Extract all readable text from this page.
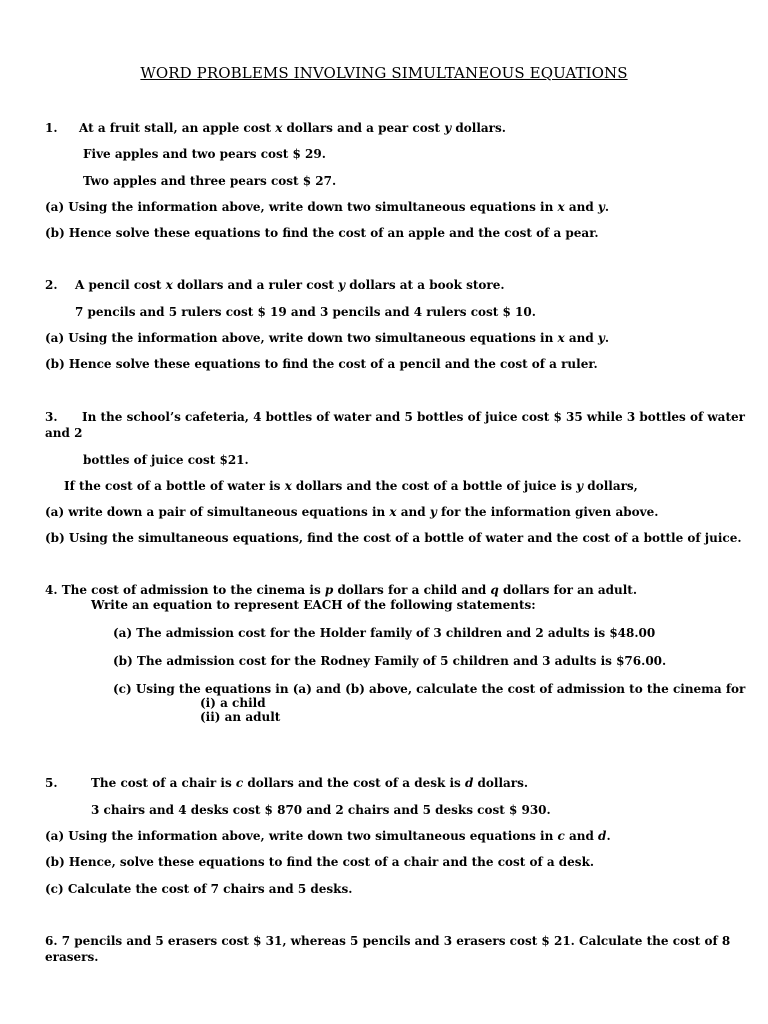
WORD PROBLEMS INVOLVING SIMULTANEOUS EQUATIONS
1. At a fruit stall, an apple cost x dollars and a pear cost y dollars.
Five apples and two pears cost $ 29.
Two apples and three pears cost $ 27.
(a) Using the information above, write down two simultaneous equations in x and y.
(b) Hence solve these equations to find the cost of an apple and the cost of a pear.
2. A pencil cost x dollars and a ruler cost y dollars at a book store.
7 pencils and 5 rulers cost $ 19 and 3 pencils and 4 rulers cost $ 10.
(a) Using the information above, write down two simultaneous equations in x and y.
(b) Hence solve these equations to find the cost of a pencil and the cost of a ruler.
3. In the school’s cafeteria, 4 bottles of water and 5 bottles of juice cost $ 35 while 3 bottles of water
and 2
bottles of juice cost $21.
If the cost of a bottle of water is x dollars and the cost of a bottle of juice is y dollars,
(a) write down a pair of simultaneous equations in x and y for the information given above.
(b) Using the simultaneous equations, find the cost of a bottle of water and the cost of a bottle of juice.
4. The cost of admission to the cinema is p dollars for a child and q dollars for an adult.
Write an equation to represent EACH of the following statements:
(a) The admission cost for the Holder family of 3 children and 2 adults is $48.00
(b) The admission cost for the Rodney Family of 5 children and 3 adults is $76.00.
(c) Using the equations in (a) and (b) above, calculate the cost of admission to the cinema for
(i) a child
(ii) an adult
5.	The cost of a chair is c dollars and the cost of a desk is d dollars.
3 chairs and 4 desks cost $ 870 and 2 chairs and 5 desks cost $ 930.
(a) Using the information above, write down two simultaneous equations in c and d.
(b) Hence, solve these equations to find the cost of a chair and the cost of a desk.
(c) Calculate the cost of 7 chairs and 5 desks.
6. 7 pencils and 5 erasers cost $ 31, whereas 5 pencils and 3 erasers cost $ 21. Calculate the cost of 8
erasers.
